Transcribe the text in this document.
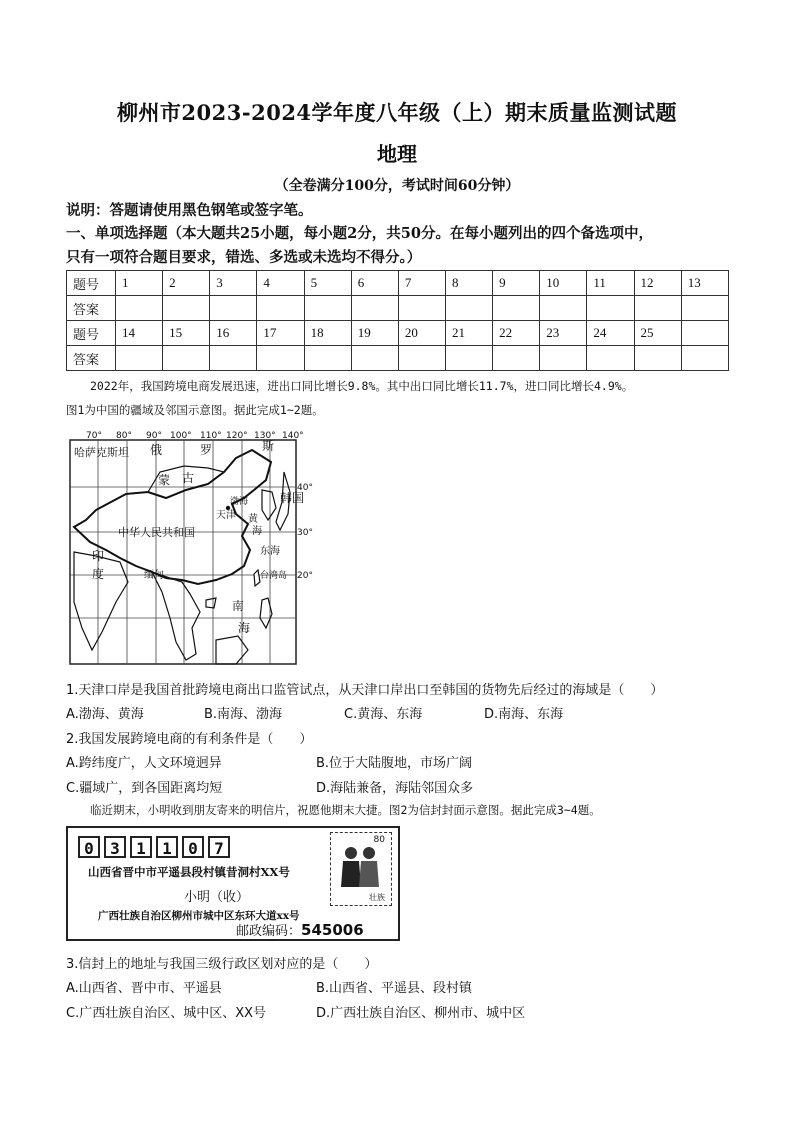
柳州市2023-2024学年度八年级（上）期末质量监测试题
地理
（全卷满分100分，考试时间60分钟）
说明：答题请使用黑色钢笔或签字笔。
一、单项选择题（本大题共25小题，每小题2分，共50分。在每小题列出的四个备选项中，
只有一项符合题目要求，错选、多选或未选均不得分。）
题号	1	2	3	4	5	6	7	8	9	10	11	12	13
答案													
题号	14	15	16	17	18	19	20	21	22	23	24	25	
答案													
2022年，我国跨境电商发展迅速，进出口同比增长9.8%。其中出口同比增长11.7%，进口同比增长4.9%。
图1为中国的疆域及邻国示意图。据此完成1~2题。
70° 80° 90° 100° 110° 120° 130° 140°
40°
30°
20°
哈萨克斯坦 俄	罗	斯
蒙 古
中华人民共和国
渤海
天津 黄
海
韩国
东海
台湾岛
印
度	缅甸
南
海
1.天津口岸是我国首批跨境电商出口监管试点，从天津口岸出口至韩国的货物先后经过的海域是（　　）
A.渤海、黄海	B.南海、渤海	C.黄海、东海	D.南海、东海
2.我国发展跨境电商的有利条件是（　　）
A.跨纬度广，人文环境迥异	B.位于大陆腹地，市场广阔
C.疆域广，到各国距离均短	D.海陆兼备，海陆邻国众多
临近期末，小明收到朋友寄来的明信片，祝愿他期末大捷。图2为信封封面示意图。据此完成3~4题。
0 3 1 1 0 7
山西省晋中市平遥县段村镇昔洞村XX号
小明（收）
广西壮族自治区柳州市城中区东环大道xx号
邮政编码：545006
80
壮族
3.信封上的地址与我国三级行政区划对应的是（　　）
A.山西省、晋中市、平遥县	B.山西省、平遥县、段村镇
C.广西壮族自治区、城中区、XX号	D.广西壮族自治区、柳州市、城中区
